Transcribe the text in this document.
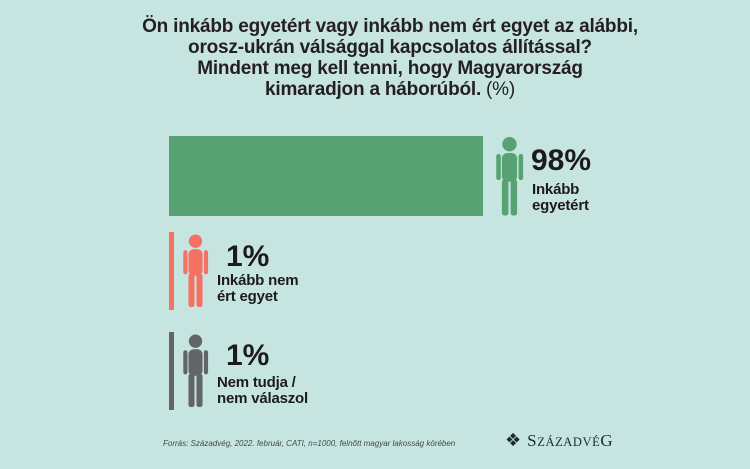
Ön inkább egyetért vagy inkább nem ért egyet az alábbi,
orosz-ukrán válsággal kapcsolatos állítással?
Mindent meg kell tenni, hogy Magyarország
kimaradjon a háborúból. (%)
98%
Inkább
egyetért
1%
Inkább nem
ért egyet
1%
Nem tudja /
nem válaszol
Forrás: Századvég, 2022. február, CATI, n=1000, felnőtt magyar lakosság körében	❖ SZÁZADVÉG
